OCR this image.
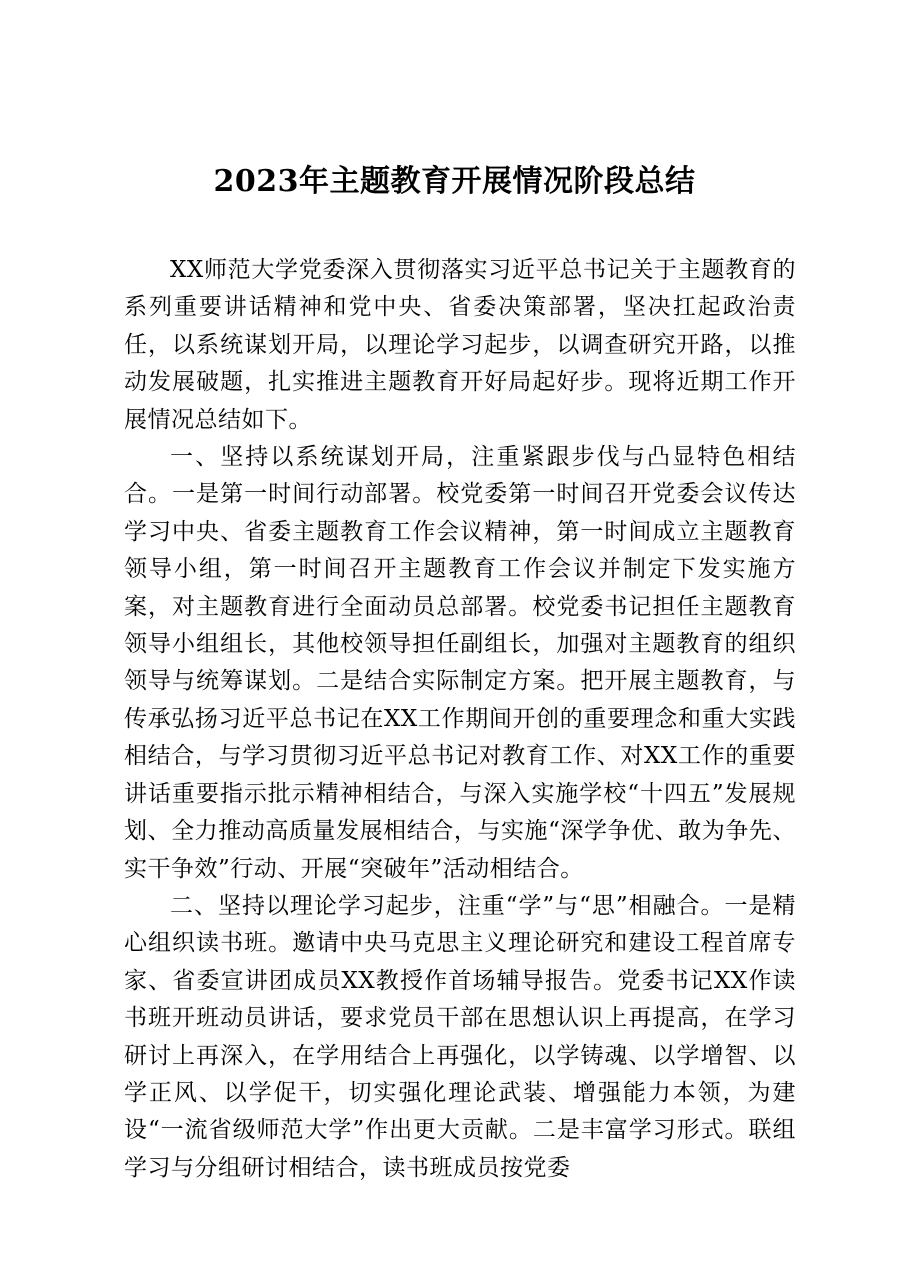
2023年主题教育开展情况阶段总结

XX师范大学党委深入贯彻落实习近平总书记关于主题教育的系列重要讲话精神和党中央、省委决策部署，坚决扛起政治责任，以系统谋划开局，以理论学习起步，以调查研究开路，以推动发展破题，扎实推进主题教育开好局起好步。现将近期工作开展情况总结如下。

一、坚持以系统谋划开局，注重紧跟步伐与凸显特色相结合。一是第一时间行动部署。校党委第一时间召开党委会议传达学习中央、省委主题教育工作会议精神，第一时间成立主题教育领导小组，第一时间召开主题教育工作会议并制定下发实施方案，对主题教育进行全面动员总部署。校党委书记担任主题教育领导小组组长，其他校领导担任副组长，加强对主题教育的组织领导与统筹谋划。二是结合实际制定方案。把开展主题教育，与传承弘扬习近平总书记在XX工作期间开创的重要理念和重大实践相结合，与学习贯彻习近平总书记对教育工作、对XX工作的重要讲话重要指示批示精神相结合，与深入实施学校“十四五”发展规划、全力推动高质量发展相结合，与实施“深学争优、敢为争先、实干争效”行动、开展“突破年”活动相结合。

二、坚持以理论学习起步，注重“学”与“思”相融合。一是精心组织读书班。邀请中央马克思主义理论研究和建设工程首席专家、省委宣讲团成员XX教授作首场辅导报告。党委书记XX作读书班开班动员讲话，要求党员干部在思想认识上再提高，在学习研讨上再深入，在学用结合上再强化，以学铸魂、以学增智、以学正风、以学促干，切实强化理论武装、增强能力本领，为建设“一流省级师范大学”作出更大贡献。二是丰富学习形式。联组学习与分组研讨相结合，读书班成员按党委
